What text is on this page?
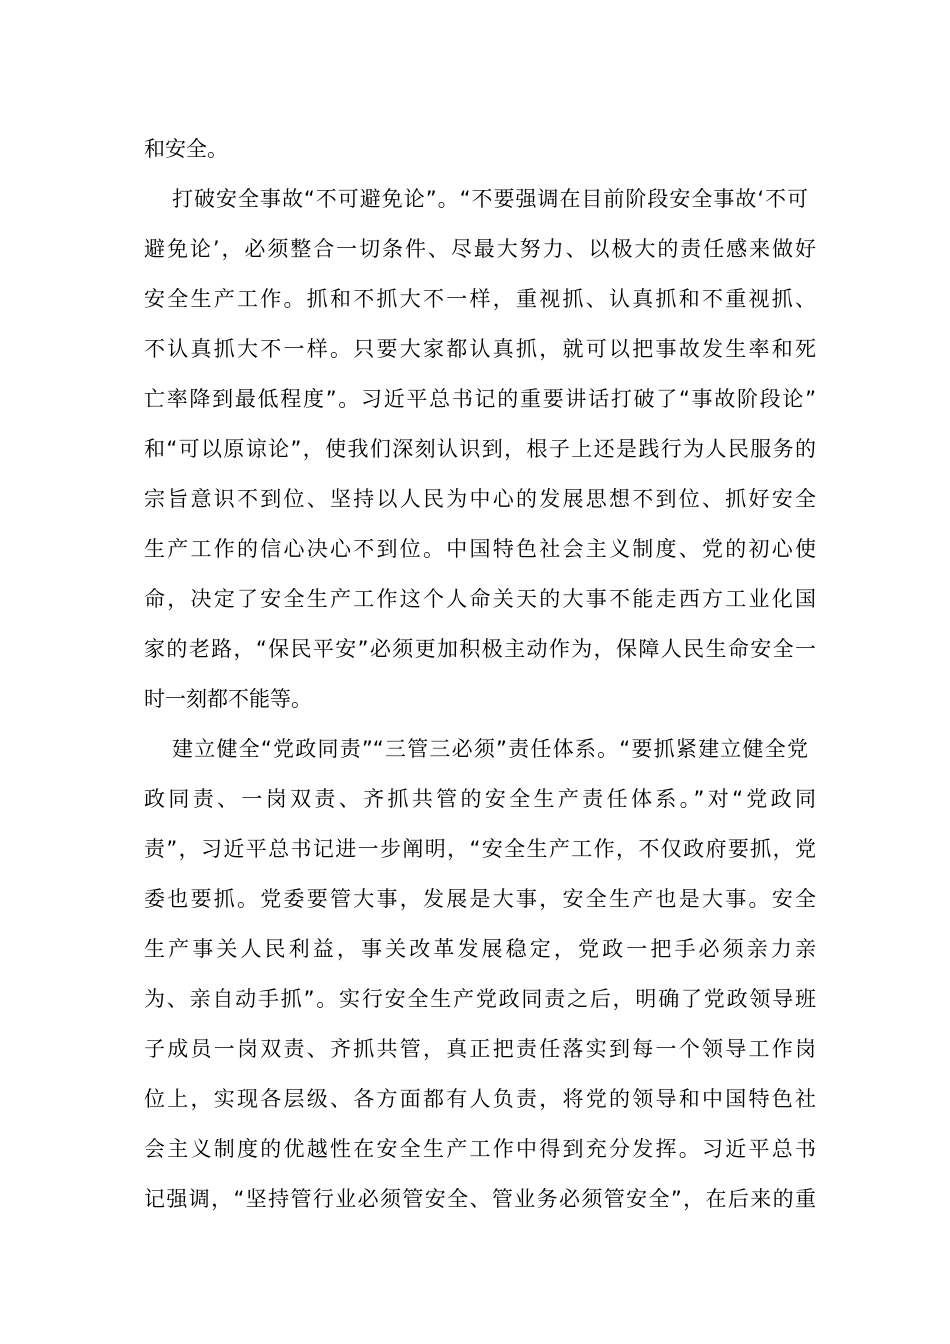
和安全。
打破安全事故“不可避免论”。“不要强调在目前阶段安全事故‘不可
避免论’，必须整合一切条件、尽最大努力、以极大的责任感来做好
安全生产工作。抓和不抓大不一样，重视抓、认真抓和不重视抓、
不认真抓大不一样。只要大家都认真抓，就可以把事故发生率和死
亡率降到最低程度”。习近平总书记的重要讲话打破了“事故阶段论”
和“可以原谅论”，使我们深刻认识到，根子上还是践行为人民服务的
宗旨意识不到位、坚持以人民为中心的发展思想不到位、抓好安全
生产工作的信心决心不到位。中国特色社会主义制度、党的初心使
命，决定了安全生产工作这个人命关天的大事不能走西方工业化国
家的老路，“保民平安”必须更加积极主动作为，保障人民生命安全一
时一刻都不能等。
建立健全“党政同责”“三管三必须”责任体系。“要抓紧建立健全党
政同责、一岗双责、齐抓共管的安全生产责任体系。”对“党政同
责”，习近平总书记进一步阐明，“安全生产工作，不仅政府要抓，党
委也要抓。党委要管大事，发展是大事，安全生产也是大事。安全
生产事关人民利益，事关改革发展稳定，党政一把手必须亲力亲
为、亲自动手抓”。实行安全生产党政同责之后，明确了党政领导班
子成员一岗双责、齐抓共管，真正把责任落实到每一个领导工作岗
位上，实现各层级、各方面都有人负责，将党的领导和中国特色社
会主义制度的优越性在安全生产工作中得到充分发挥。习近平总书
记强调，“坚持管行业必须管安全、管业务必须管安全”，在后来的重
